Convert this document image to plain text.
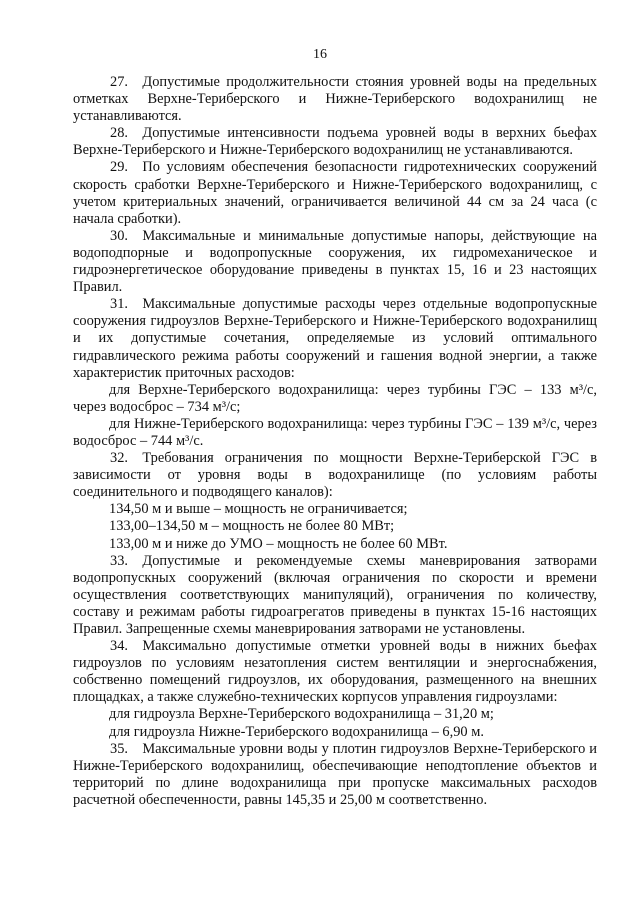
16

27. Допустимые продолжительности стояния уровней воды на предельных отметках Верхне-Териберского и Нижне-Териберского водохранилищ не устанавливаются.

28. Допустимые интенсивности подъема уровней воды в верхних бьефах Верхне-Териберского и Нижне-Териберского водохранилищ не устанавливаются.

29. По условиям обеспечения безопасности гидротехнических сооружений скорость сработки Верхне-Териберского и Нижне-Териберского водохранилищ, с учетом критериальных значений, ограничивается величиной 44 см за 24 часа (с начала сработки).

30. Максимальные и минимальные допустимые напоры, действующие на водоподпорные и водопропускные сооружения, их гидромеханическое и гидроэнергетическое оборудование приведены в пунктах 15, 16 и 23 настоящих Правил.

31. Максимальные допустимые расходы через отдельные водопропускные сооружения гидроузлов Верхне-Териберского и Нижне-Териберского водохранилищ и их допустимые сочетания, определяемые из условий оптимального гидравлического режима работы сооружений и гашения водной энергии, а также характеристик приточных расходов:

для Верхне-Териберского водохранилища: через турбины ГЭС – 133 м³/с, через водосброс – 734 м³/с;

для Нижне-Териберского водохранилища: через турбины ГЭС – 139 м³/с, через водосброс – 744 м³/с.

32. Требования ограничения по мощности Верхне-Териберской ГЭС в зависимости от уровня воды в водохранилище (по условиям работы соединительного и подводящего каналов):

134,50 м и выше – мощность не ограничивается;

133,00–134,50 м – мощность не более 80 МВт;

133,00 м и ниже до УМО – мощность не более 60 МВт.

33. Допустимые и рекомендуемые схемы маневрирования затворами водопропускных сооружений (включая ограничения по скорости и времени осуществления соответствующих манипуляций), ограничения по количеству, составу и режимам работы гидроагрегатов приведены в пунктах 15-16 настоящих Правил. Запрещенные схемы маневрирования затворами не установлены.

34. Максимально допустимые отметки уровней воды в нижних бьефах гидроузлов по условиям незатопления систем вентиляции и энергоснабжения, собственно помещений гидроузлов, их оборудования, размещенного на внешних площадках, а также служебно-технических корпусов управления гидроузлами:

для гидроузла Верхне-Териберского водохранилища – 31,20 м;

для гидроузла Нижне-Териберского водохранилища – 6,90 м.

35. Максимальные уровни воды у плотин гидроузлов Верхне-Териберского и Нижне-Териберского водохранилищ, обеспечивающие неподтопление объектов и территорий по длине водохранилища при пропуске максимальных расходов расчетной обеспеченности, равны 145,35 и 25,00 м соответственно.
